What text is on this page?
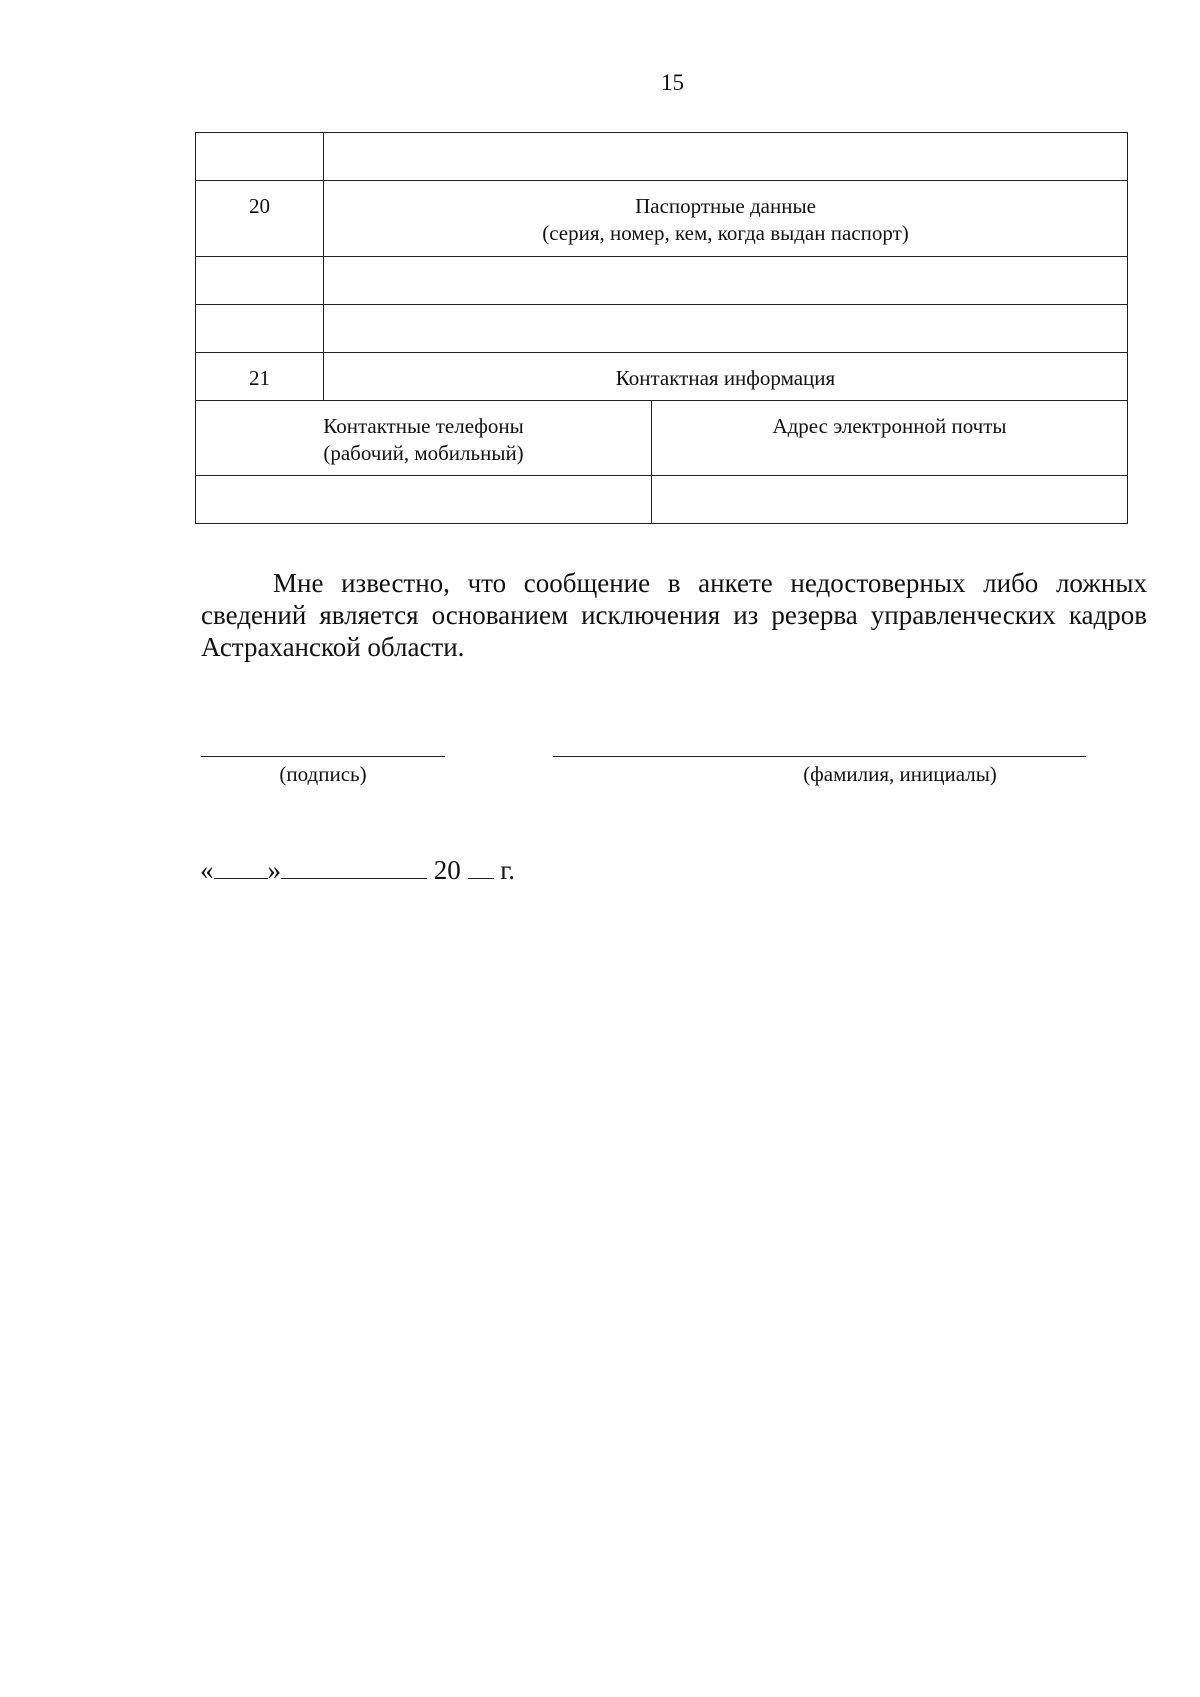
15

20	Паспортные данные
(серия, номер, кем, когда выдан паспорт)	

21	Контактная информация	

Контактные телефоны
(рабочий, мобильный)		Адрес электронной почты

Мне известно, что сообщение в анкете недостоверных либо ложных сведений является основанием исключения из резерва управленческих кадров Астраханской области.

(подпись)	(фамилия, инициалы)
« »	20 г.
